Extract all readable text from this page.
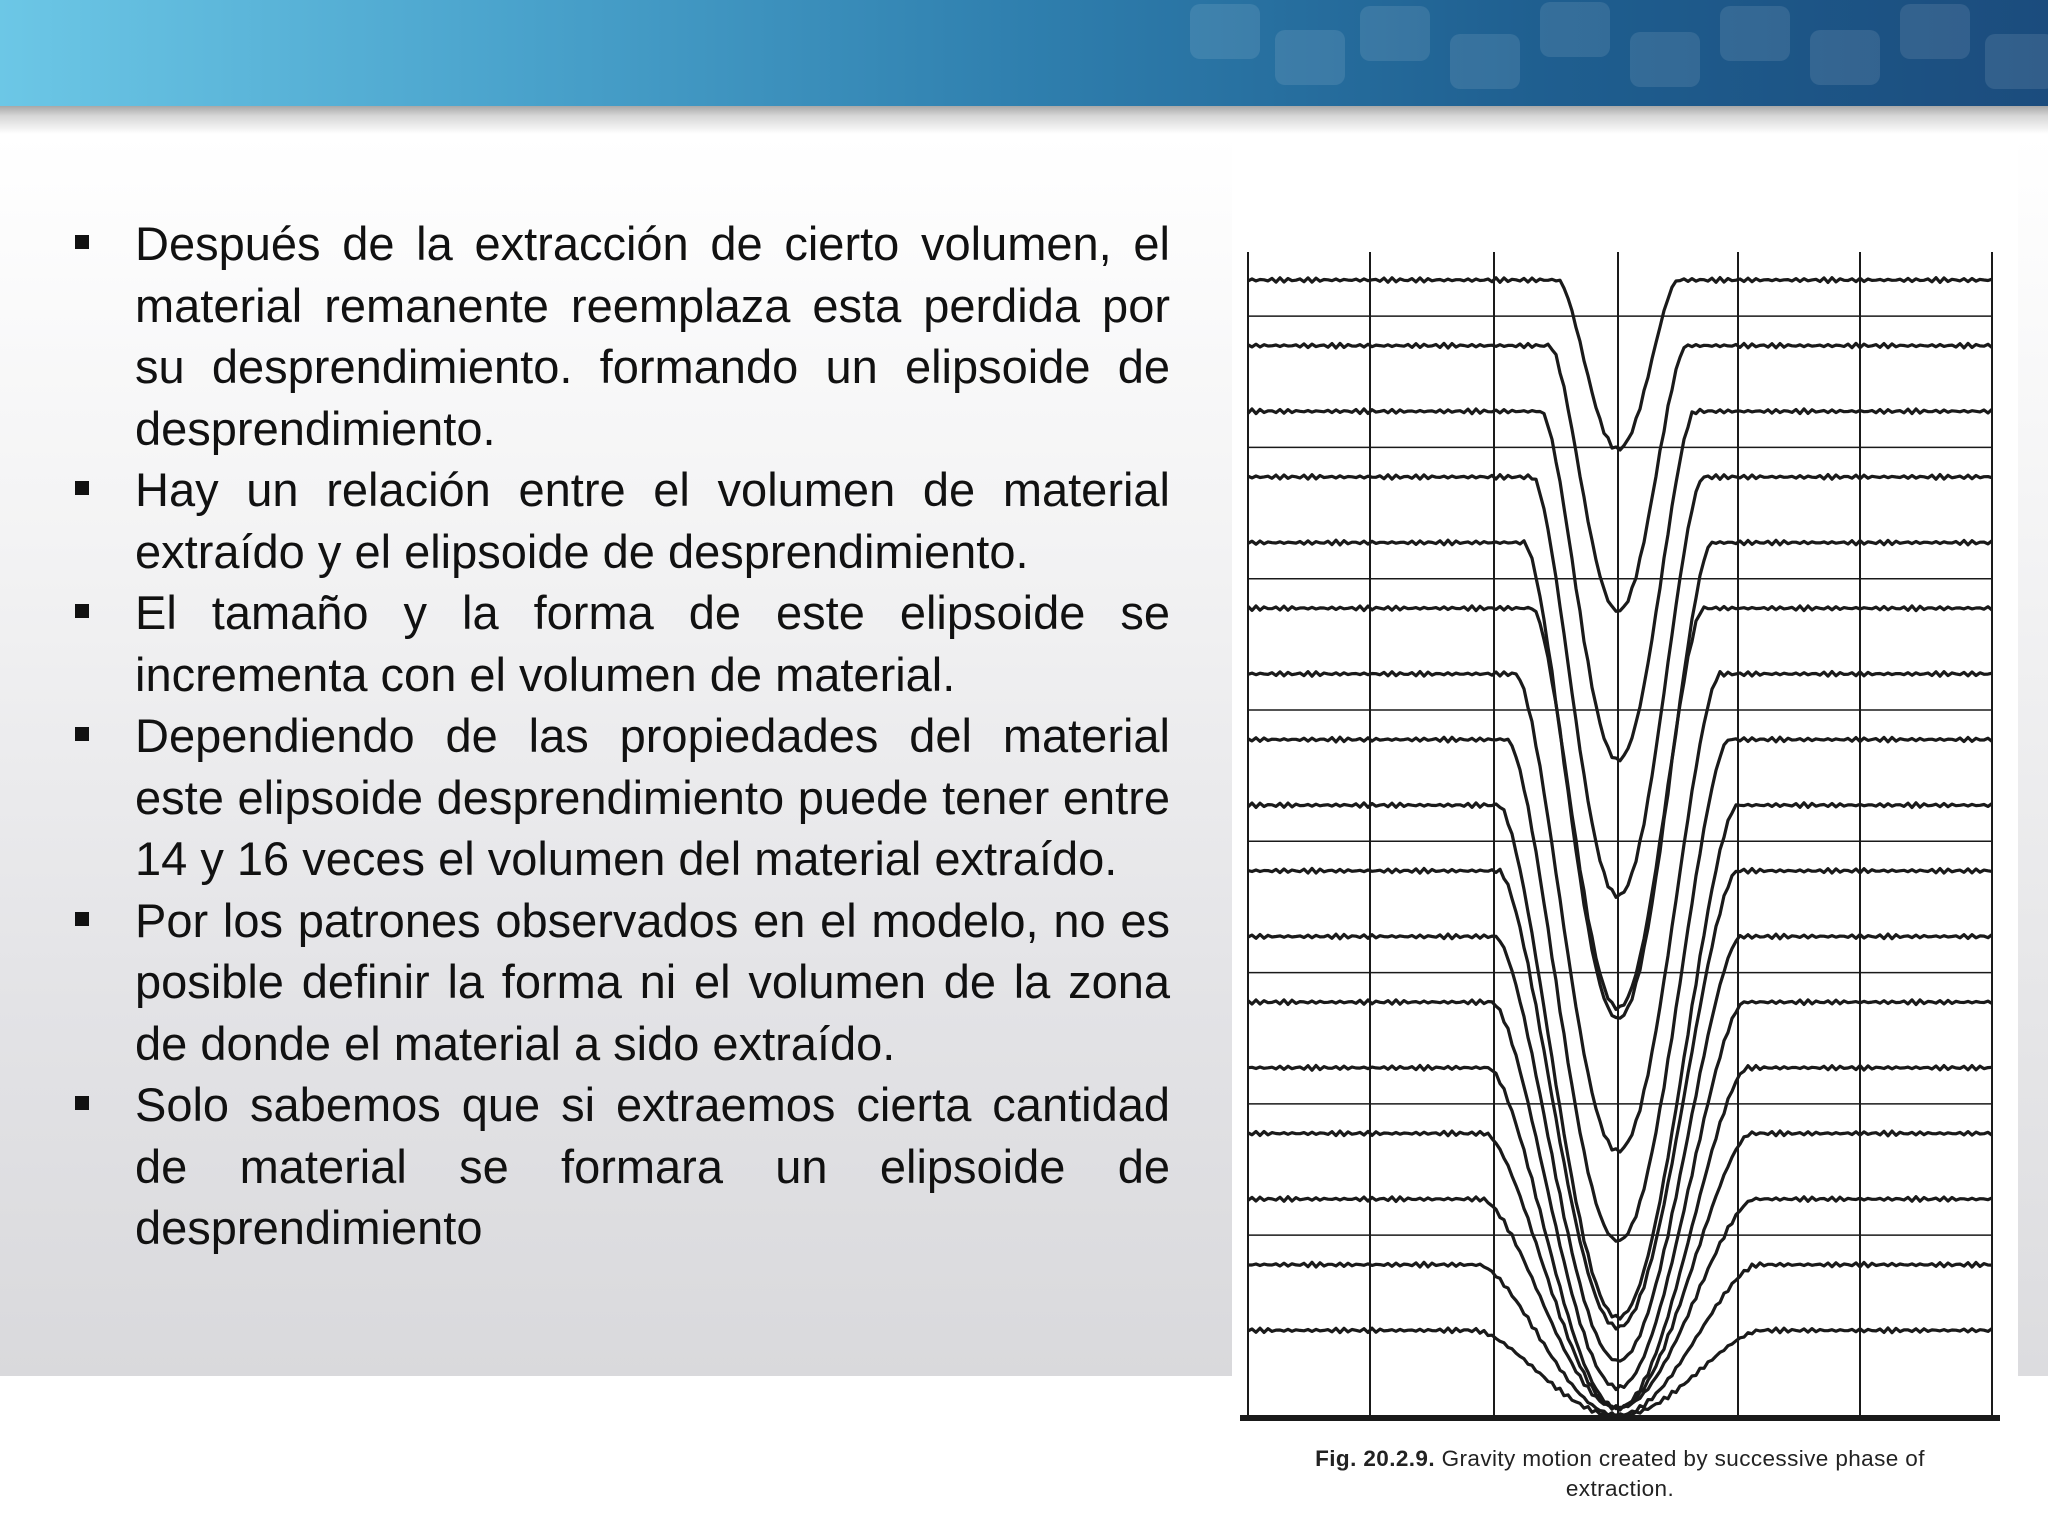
Después de la extracción de cierto volumen, el material remanente reemplaza esta perdida por su desprendimiento. formando un elipsoide de desprendimiento.
Hay un relación entre el volumen de material extraído y el elipsoide de desprendimiento.
El tamaño y la forma de este elipsoide se incrementa con el volumen de material.
Dependiendo de las propiedades del material este elipsoide desprendimiento puede tener entre 14 y 16 veces el volumen del material extraído.
Por los patrones observados en el modelo, no es posible definir la forma ni el volumen de la zona de donde el material a sido extraído.
Solo sabemos que si extraemos cierta cantidad de material se formara un elipsoide de desprendimiento
Fig. 20.2.9. Gravity motion created by successive phase of extraction.
